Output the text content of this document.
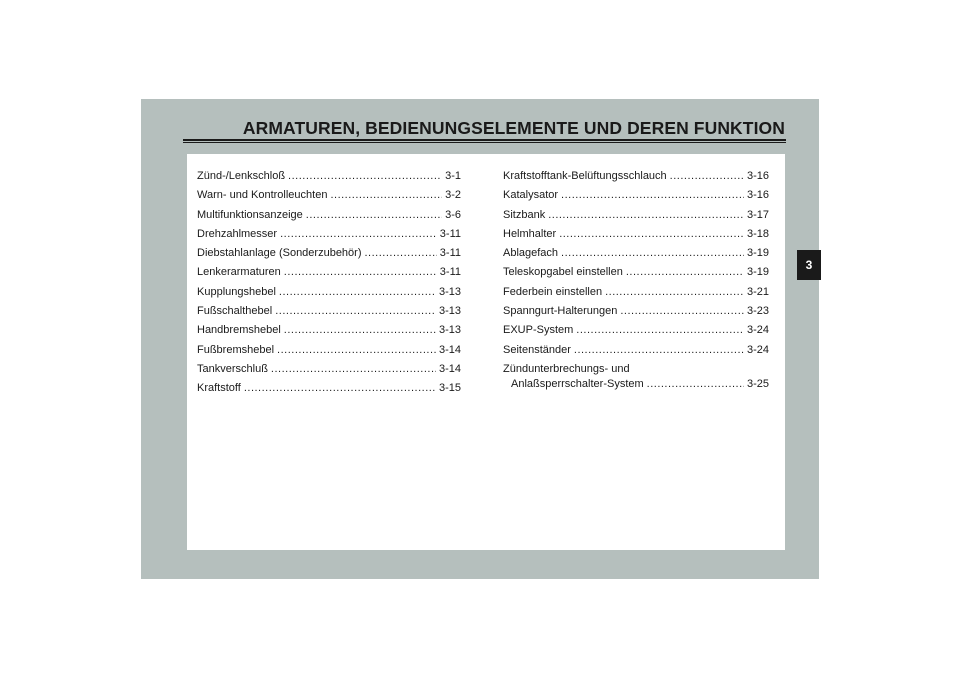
ARMATUREN, BEDIENUNGSELEMENTE UND DEREN FUNKTION
Zünd-/Lenkschloß .....	3-1
Warn- und Kontrolleuchten .....	3-2
Multifunktionsanzeige .....	3-6
Drehzahlmesser .....	3-11
Diebstahlanlage (Sonderzubehör) .....	3-11
Lenkerarmaturen .....	3-11
Kupplungshebel .....	3-13
Fußschalthebel .....	3-13
Handbremshebel .....	3-13
Fußbremshebel .....	3-14
Tankverschluß .....	3-14
Kraftstoff .....	3-15
Kraftstofftank-Belüftungsschlauch .....	3-16
Katalysator .....	3-16
Sitzbank .....	3-17
Helmhalter .....	3-18
Ablagefach .....	3-19
Teleskopgabel einstellen .....	3-19
Federbein einstellen .....	3-21
Spanngurt-Halterungen .....	3-23
EXUP-System .....	3-24
Seitenständer .....	3-24
Zündunterbrechungs- und
Anlaßsperrschalter-System .....	3-25
3
